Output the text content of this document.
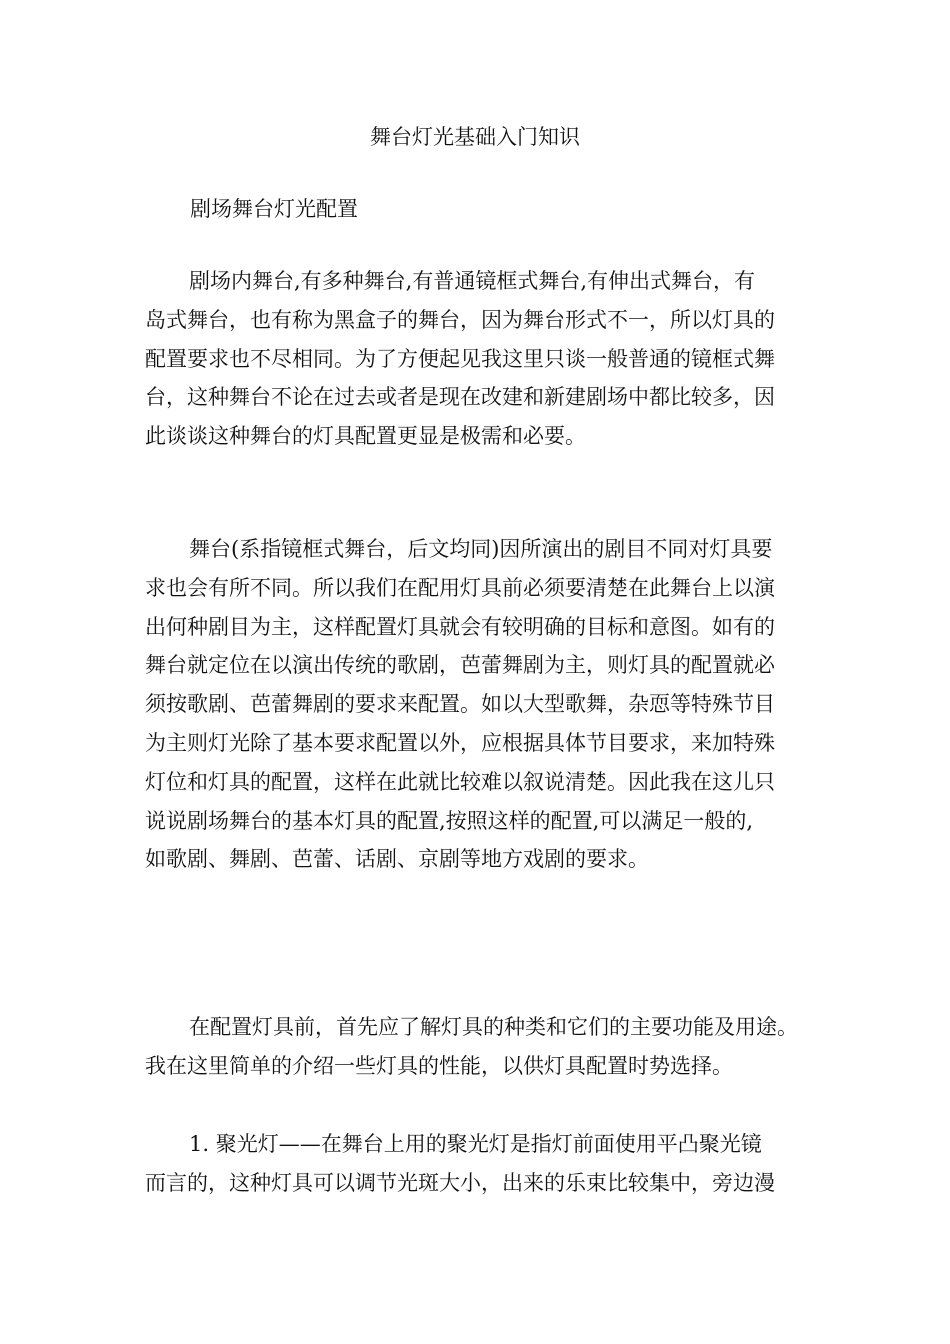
舞台灯光基础入门知识
剧场舞台灯光配置

剧场内舞台,有多种舞台,有普通镜框式舞台,有伸出式舞台，有
岛式舞台，也有称为黑盒子的舞台，因为舞台形式不一，所以灯具的
配置要求也不尽相同。为了方便起见我这里只谈一般普通的镜框式舞
台，这种舞台不论在过去或者是现在改建和新建剧场中都比较多，因
此谈谈这种舞台的灯具配置更显是极需和必要。

舞台(系指镜框式舞台，后文均同)因所演出的剧目不同对灯具要
求也会有所不同。所以我们在配用灯具前必须要清楚在此舞台上以演
出何种剧目为主，这样配置灯具就会有较明确的目标和意图。如有的
舞台就定位在以演出传统的歌剧，芭蕾舞剧为主，则灯具的配置就必
须按歌剧、芭蕾舞剧的要求来配置。如以大型歌舞，杂恧等特殊节目
为主则灯光除了基本要求配置以外，应根据具体节目要求，来加特殊
灯位和灯具的配置，这样在此就比较难以叙说清楚。因此我在这儿只
说说剧场舞台的基本灯具的配置,按照这样的配置,可以满足一般的,
如歌剧、舞剧、芭蕾、话剧、京剧等地方戏剧的要求。

在配置灯具前，首先应了解灯具的种类和它们的主要功能及用途。
我在这里简单的介绍一些灯具的性能，以供灯具配置时势选择。

1. 聚光灯——在舞台上用的聚光灯是指灯前面使用平凸聚光镜
而言的，这种灯具可以调节光斑大小，出来的乐束比较集中，旁边漫
